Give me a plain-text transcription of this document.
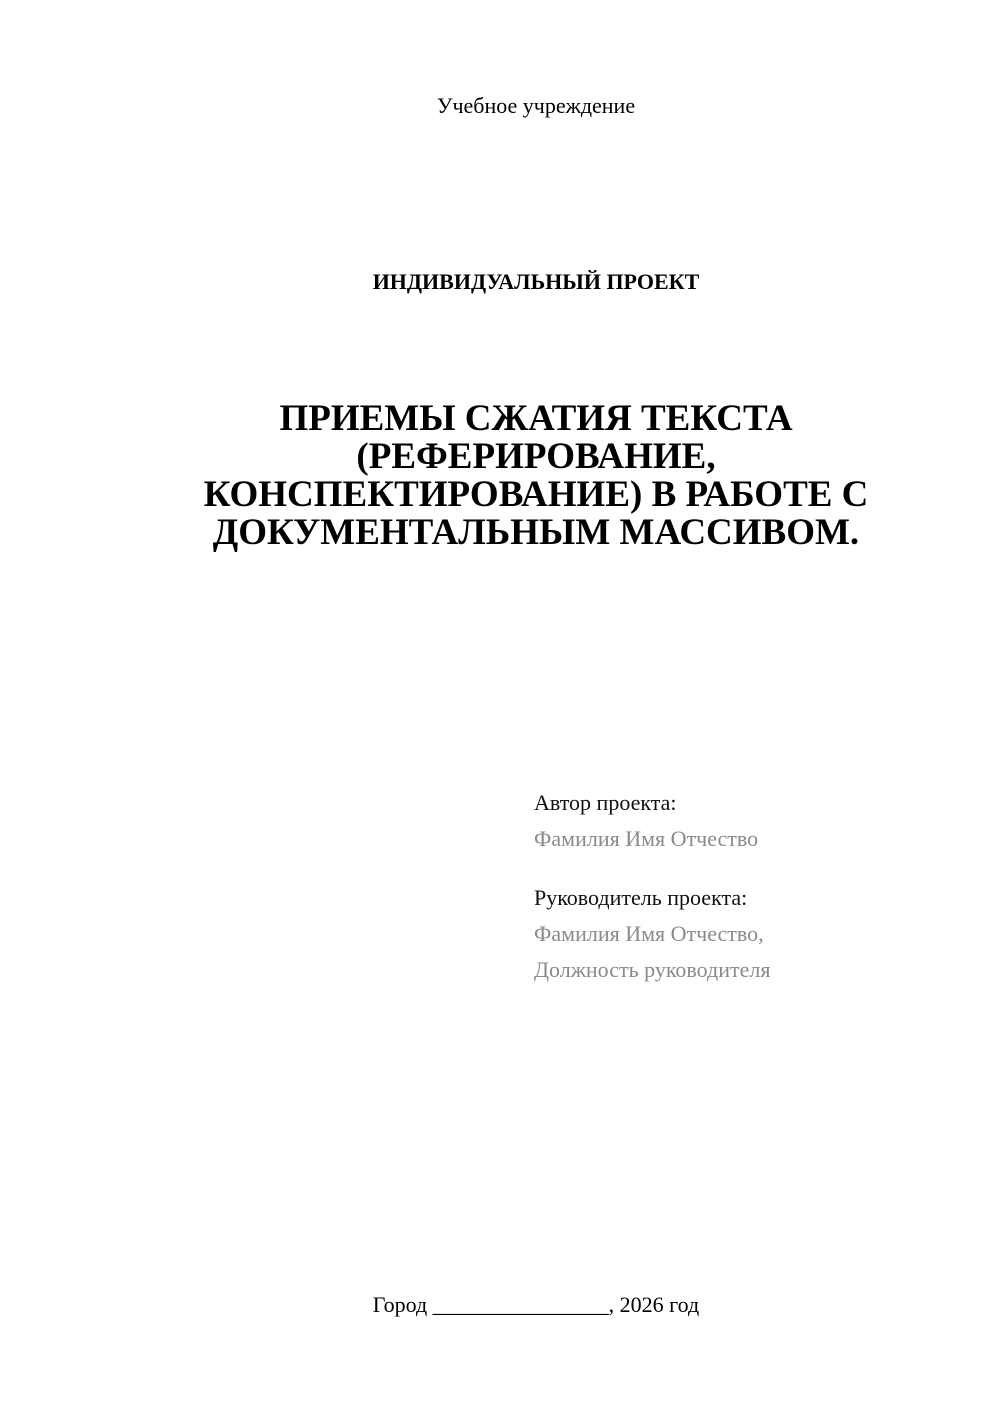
Учебное учреждение
ИНДИВИДУАЛЬНЫЙ ПРОЕКТ
ПРИЕМЫ СЖАТИЯ ТЕКСТА
(РЕФЕРИРОВАНИЕ,
КОНСПЕКТИРОВАНИЕ) В РАБОТЕ С
ДОКУМЕНТАЛЬНЫМ МАССИВОМ.
Автор проекта:
Фамилия Имя Отчество
Руководитель проекта:
Фамилия Имя Отчество,
Должность руководителя
Город ________________, 2026 год
